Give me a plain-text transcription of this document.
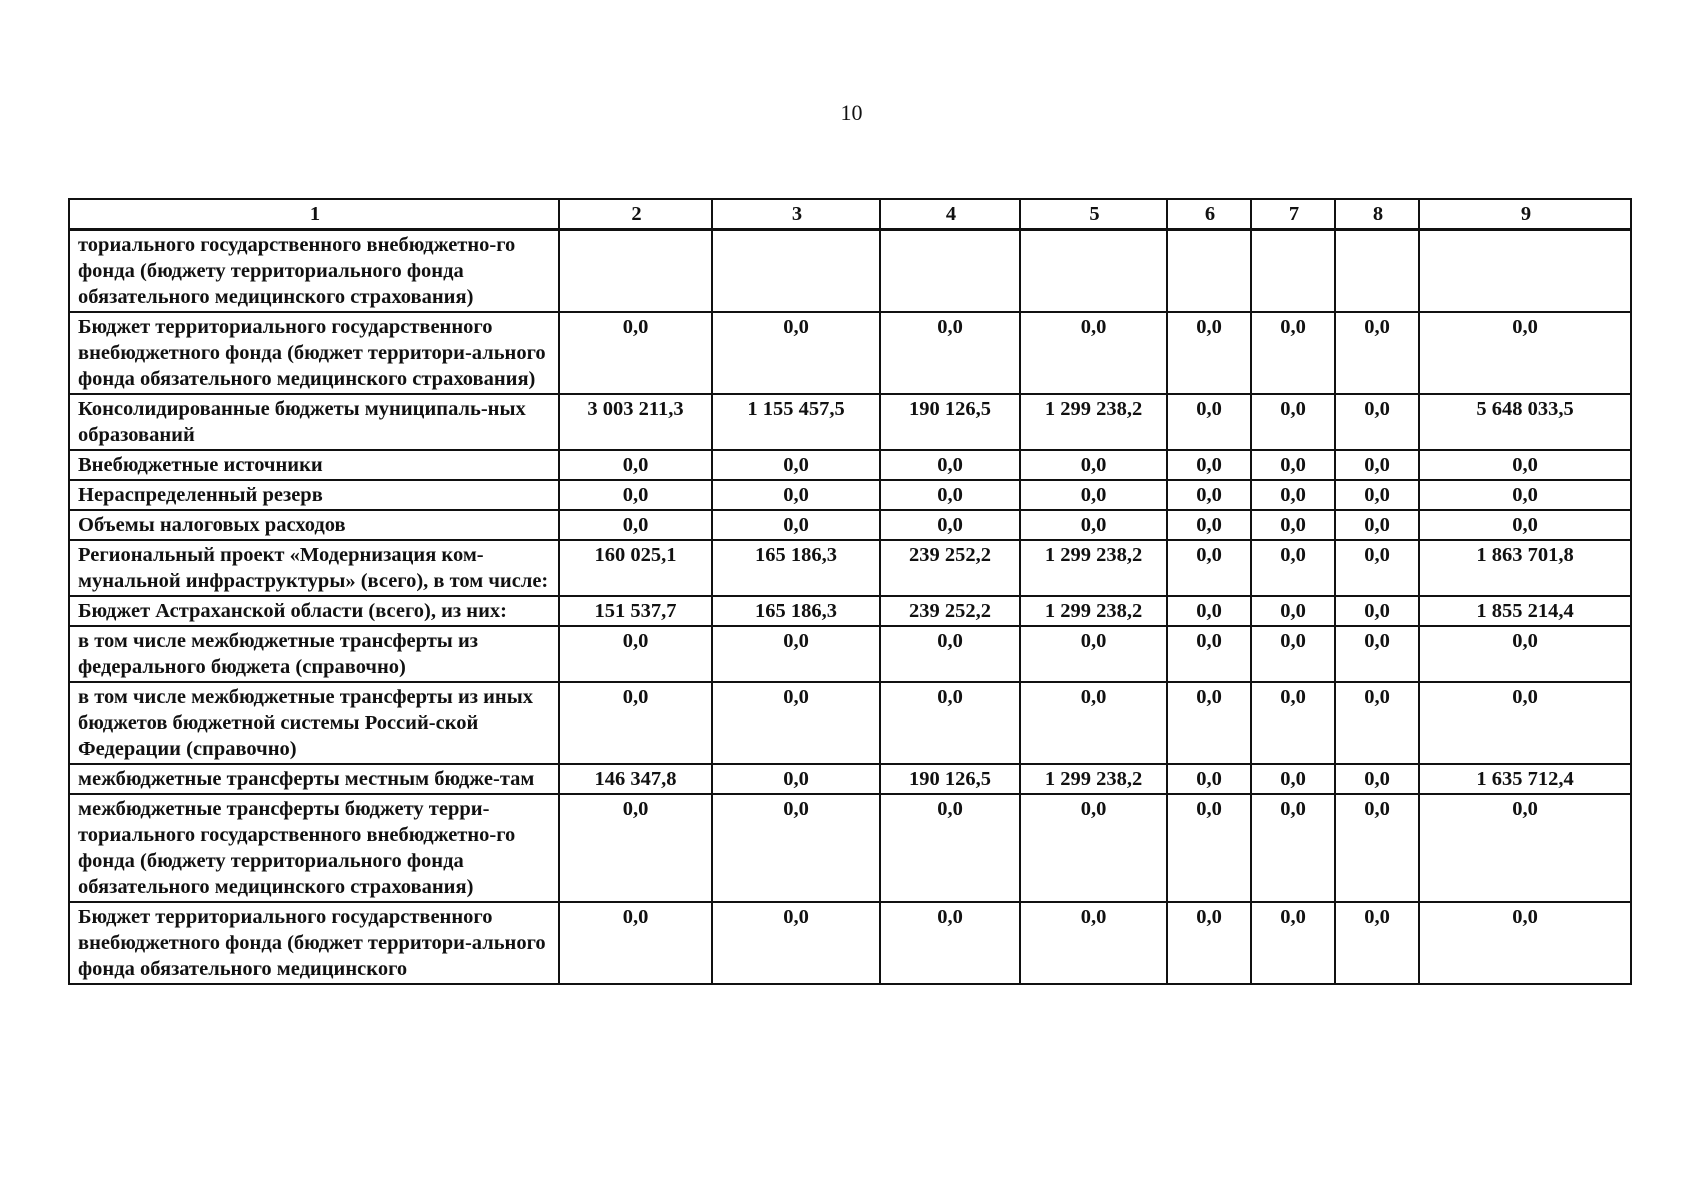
10
1	2	3	4	5	6	7	8	9
ториального государственного внебюджетно-го фонда (бюджету территориального фонда обязательного медицинского страхования)								
Бюджет территориального государственного внебюджетного фонда (бюджет территори-ального фонда обязательного медицинского страхования)	0,0	0,0	0,0	0,0	0,0	0,0	0,0	0,0
Консолидированные бюджеты муниципаль-ных образований	3 003 211,3	1 155 457,5	190 126,5	1 299 238,2	0,0	0,0	0,0	5 648 033,5
Внебюджетные источники	0,0	0,0	0,0	0,0	0,0	0,0	0,0	0,0
Нераспределенный резерв	0,0	0,0	0,0	0,0	0,0	0,0	0,0	0,0
Объемы налоговых расходов	0,0	0,0	0,0	0,0	0,0	0,0	0,0	0,0
Региональный проект «Модернизация ком-мунальной инфраструктуры» (всего), в том числе:	160 025,1	165 186,3	239 252,2	1 299 238,2	0,0	0,0	0,0	1 863 701,8
Бюджет Астраханской области (всего), из них:	151 537,7	165 186,3	239 252,2	1 299 238,2	0,0	0,0	0,0	1 855 214,4
в том числе межбюджетные трансферты из федерального бюджета (справочно)	0,0	0,0	0,0	0,0	0,0	0,0	0,0	0,0
в том числе межбюджетные трансферты из иных бюджетов бюджетной системы Россий-ской Федерации (справочно)	0,0	0,0	0,0	0,0	0,0	0,0	0,0	0,0
межбюджетные трансферты местным бюдже-там	146 347,8	0,0	190 126,5	1 299 238,2	0,0	0,0	0,0	1 635 712,4
межбюджетные трансферты бюджету терри-ториального государственного внебюджетно-го фонда (бюджету территориального фонда обязательного медицинского страхования)	0,0	0,0	0,0	0,0	0,0	0,0	0,0	0,0
Бюджет территориального государственного внебюджетного фонда (бюджет территори-ального фонда обязательного медицинского	0,0	0,0	0,0	0,0	0,0	0,0	0,0	0,0
